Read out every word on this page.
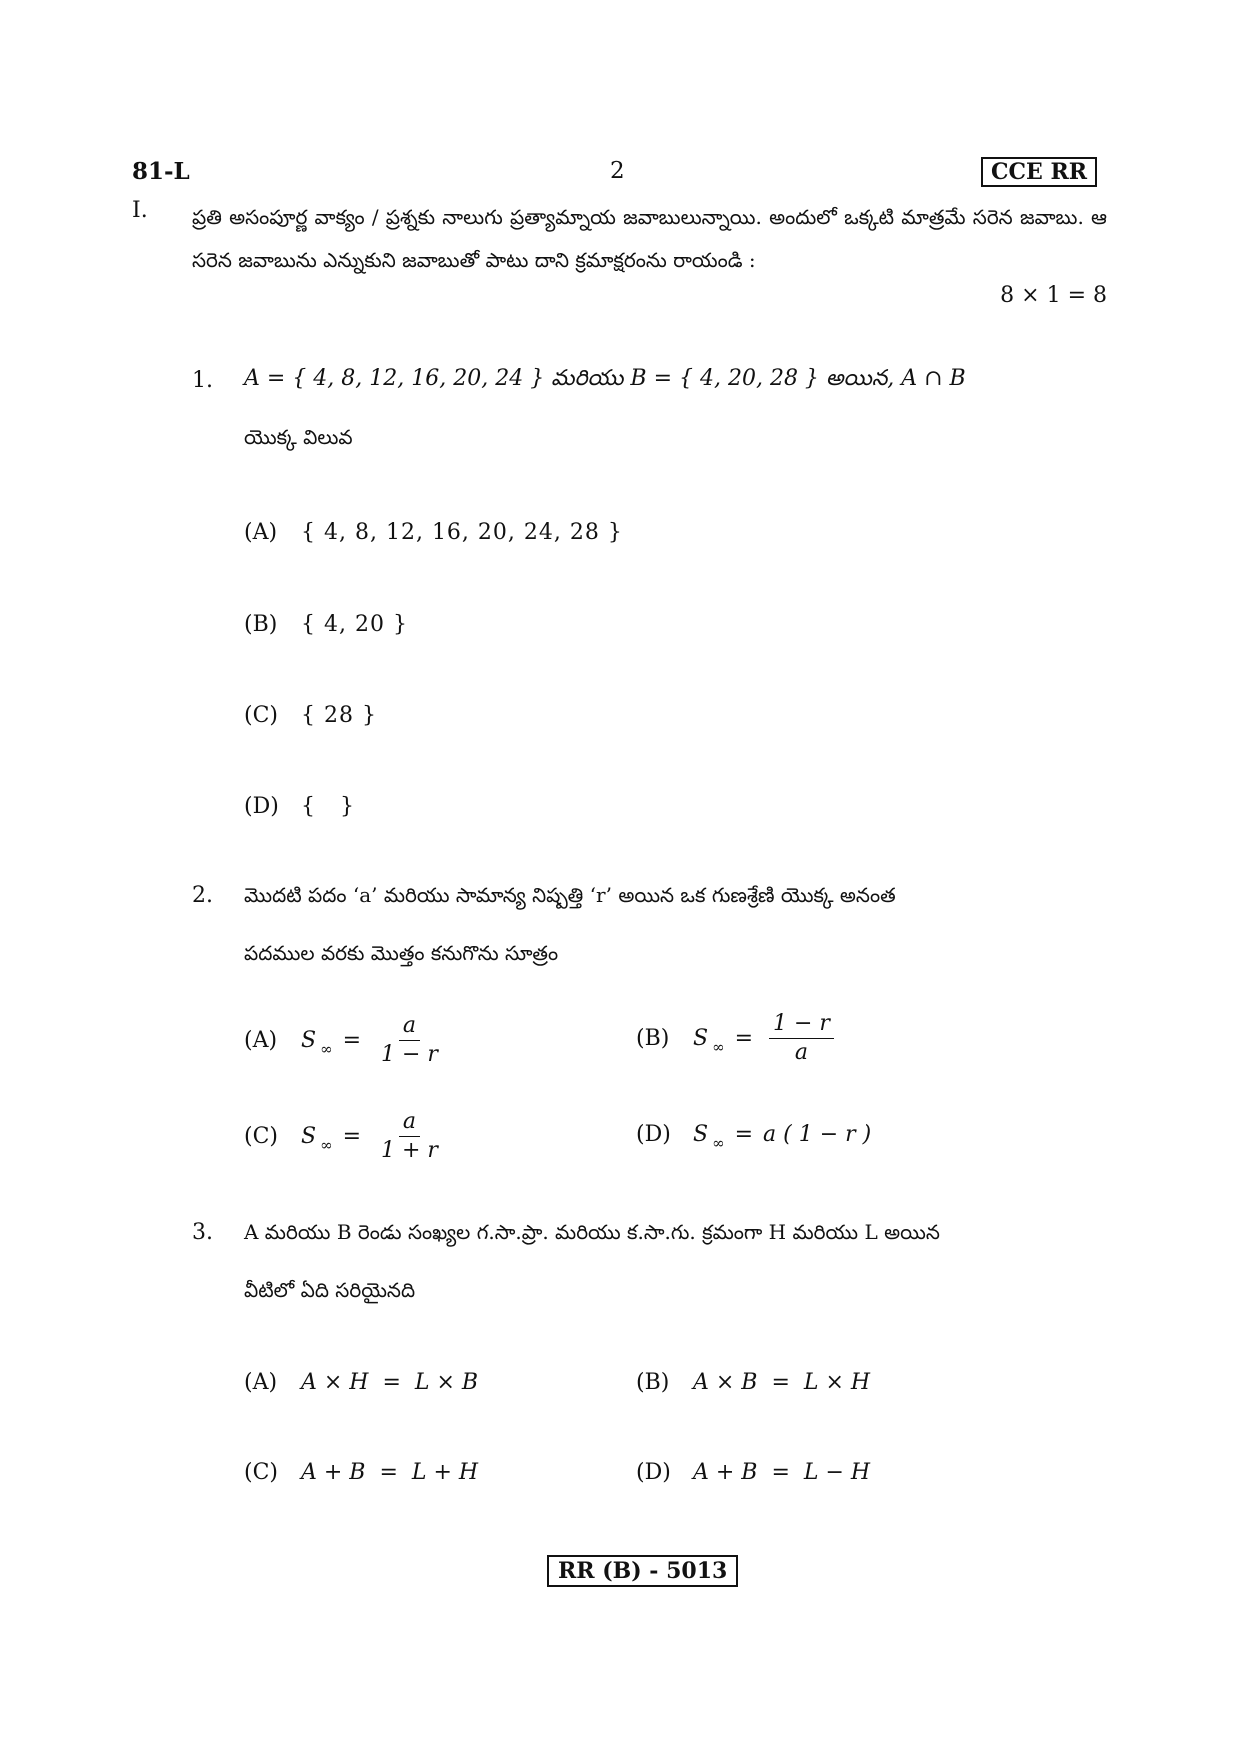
81-L	2	CCE RR
I. ప్రతి అసంపూర్ణ వాక్యం / ప్రశ్నకు నాలుగు ప్రత్యామ్నాయ జవాబులున్నాయి. అందులో ఒక్కటి మాత్రమే సరెన జవాబు. ఆ సరెన జవాబును ఎన్నుకుని జవాబుతో పాటు దాని క్రమాక్షరంను రాయండి :
8 × 1 = 8
1. A = { 4, 8, 12, 16, 20, 24 } మరియు B = { 4, 20, 28 } అయిన, A ∩ B
యొక్క విలువ
(A)	{ 4, 8, 12, 16, 20, 24, 28 }
(B)	{ 4, 20 }
(C)	{ 28 }
(D)	{   }
2. మొదటి పదం ‘a’ మరియు సామాన్య నిష్పత్తి ‘r’ అయిన ఒక గుణశ్రేణి యొక్క అనంత
పదముల వరకు మొత్తం కనుగొను సూత్రం
(A)	S ∞ = $\frac{a}{1 - r}$	(B)	S ∞ = $\frac{1 - r}{a}$
(C)	S ∞ = $\frac{a}{1 + r}$	(D)	S ∞ = a ( 1 − r )
3. A మరియు B రెండు సంఖ్యల గ.సా.ప్రా. మరియు క.సా.గు. క్రమంగా H మరియు L అయిన
వీటిలో ఏది సరియైనది
(A)	A × H  =  L × B	(B)	A × B  =  L × H
(C)	A + B  =  L + H	(D)	A + B  =  L − H
RR (B) - 5013
